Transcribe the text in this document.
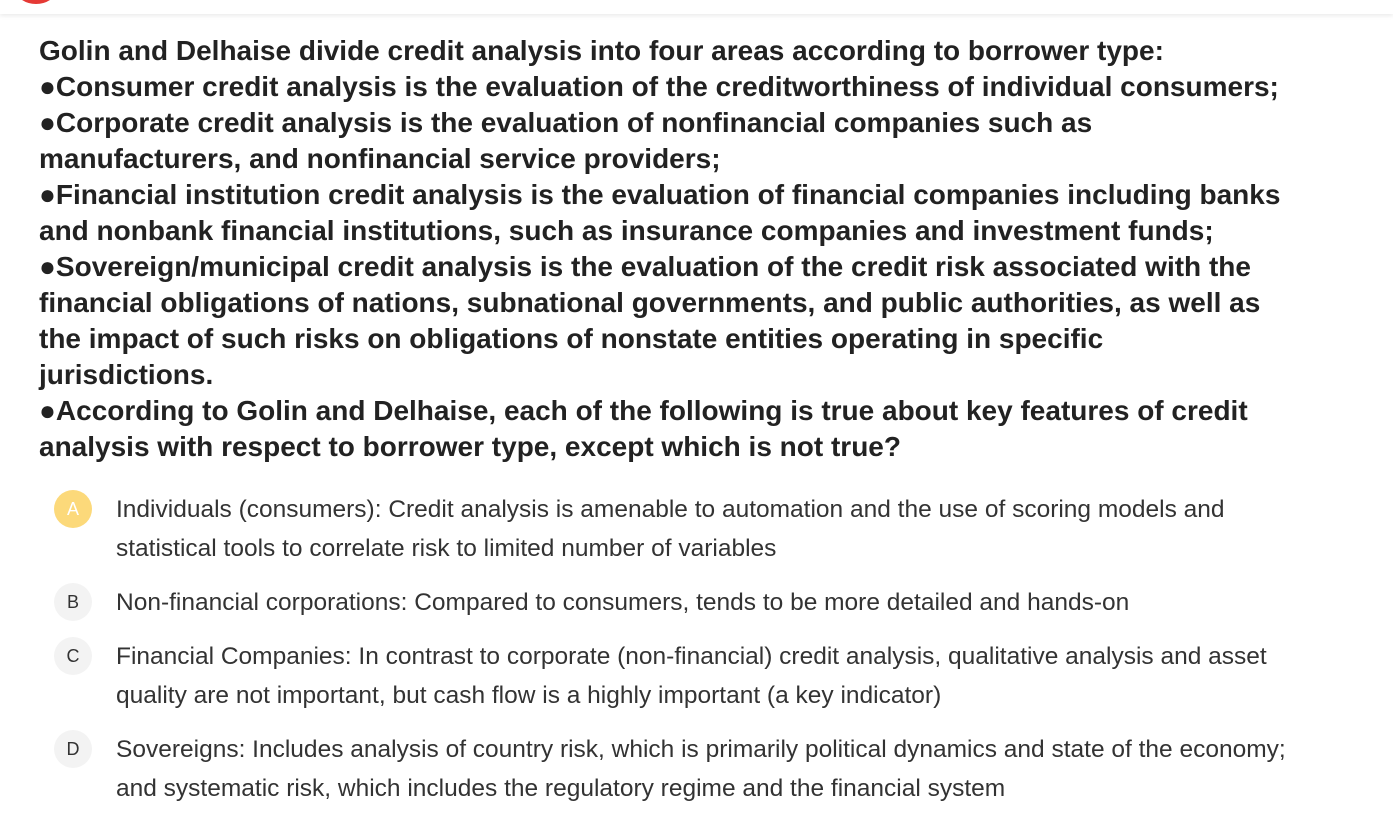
Golin and Delhaise divide credit analysis into four areas according to borrower type:
●Consumer credit analysis is the evaluation of the creditworthiness of individual consumers;
●Corporate credit analysis is the evaluation of nonfinancial companies such as
manufacturers, and nonfinancial service providers;
●Financial institution credit analysis is the evaluation of financial companies including banks
and nonbank financial institutions, such as insurance companies and investment funds;
●Sovereign/municipal credit analysis is the evaluation of the credit risk associated with the
financial obligations of nations, subnational governments, and public authorities, as well as
the impact of such risks on obligations of nonstate entities operating in specific
jurisdictions.
●According to Golin and Delhaise, each of the following is true about key features of credit
analysis with respect to borrower type, except which is not true?
A	Individuals (consumers): Credit analysis is amenable to automation and the use of scoring models and statistical tools to correlate risk to limited number of variables
B	Non-financial corporations: Compared to consumers, tends to be more detailed and hands-on
C	Financial Companies: In contrast to corporate (non-financial) credit analysis, qualitative analysis and asset quality are not important, but cash flow is a highly important (a key indicator)
D	Sovereigns: Includes analysis of country risk, which is primarily political dynamics and state of the economy; and systematic risk, which includes the regulatory regime and the financial system
